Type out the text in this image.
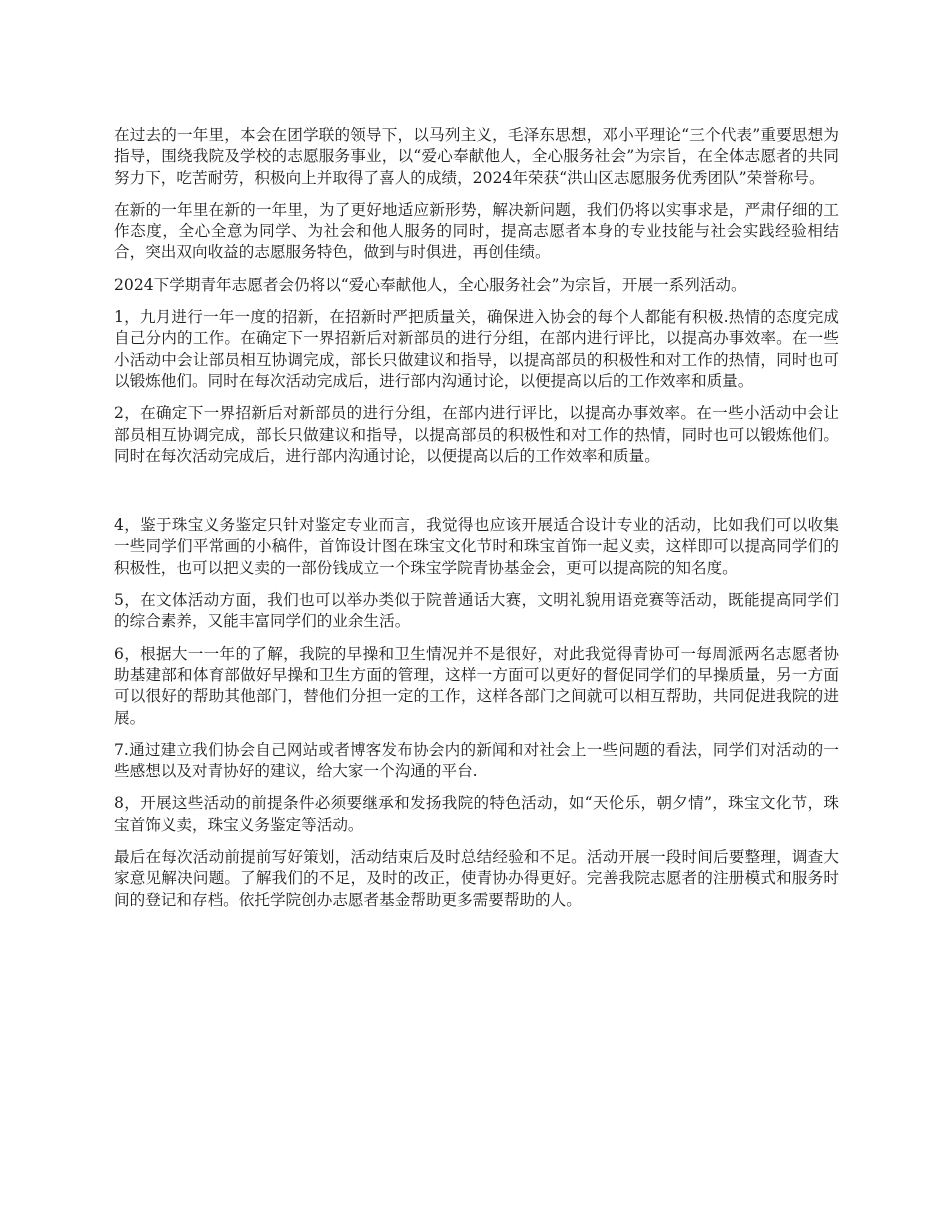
在过去的一年里，本会在团学联的领导下，以马列主义，毛泽东思想，邓小平理论“三个代表”重要思想为指导，围绕我院及学校的志愿服务事业，以“爱心奉献他人，全心服务社会”为宗旨，在全体志愿者的共同努力下，吃苦耐劳，积极向上并取得了喜人的成绩，2024年荣获“洪山区志愿服务优秀团队”荣誉称号。

在新的一年里在新的一年里，为了更好地适应新形势，解决新问题，我们仍将以实事求是，严肃仔细的工作态度，全心全意为同学、为社会和他人服务的同时，提高志愿者本身的专业技能与社会实践经验相结合，突出双向收益的志愿服务特色，做到与时俱进，再创佳绩。

2024下学期青年志愿者会仍将以“爱心奉献他人，全心服务社会”为宗旨，开展一系列活动。

1，九月进行一年一度的招新，在招新时严把质量关，确保进入协会的每个人都能有积极.热情的态度完成自己分内的工作。在确定下一界招新后对新部员的进行分组，在部内进行评比，以提高办事效率。在一些小活动中会让部员相互协调完成，部长只做建议和指导，以提高部员的积极性和对工作的热情，同时也可以锻炼他们。同时在每次活动完成后，进行部内沟通讨论，以便提高以后的工作效率和质量。

2，在确定下一界招新后对新部员的进行分组，在部内进行评比，以提高办事效率。在一些小活动中会让部员相互协调完成，部长只做建议和指导，以提高部员的积极性和对工作的热情，同时也可以锻炼他们。同时在每次活动完成后，进行部内沟通讨论，以便提高以后的工作效率和质量。

4，鉴于珠宝义务鉴定只针对鉴定专业而言，我觉得也应该开展适合设计专业的活动，比如我们可以收集一些同学们平常画的小稿件，首饰设计图在珠宝文化节时和珠宝首饰一起义卖，这样即可以提高同学们的积极性，也可以把义卖的一部份钱成立一个珠宝学院青协基金会，更可以提高院的知名度。

5，在文体活动方面，我们也可以举办类似于院普通话大赛，文明礼貌用语竞赛等活动，既能提高同学们的综合素养，又能丰富同学们的业余生活。

6，根据大一一年的了解，我院的早操和卫生情况并不是很好，对此我觉得青协可一每周派两名志愿者协助基建部和体育部做好早操和卫生方面的管理，这样一方面可以更好的督促同学们的早操质量，另一方面可以很好的帮助其他部门，替他们分担一定的工作，这样各部门之间就可以相互帮助，共同促进我院的进展。

7.通过建立我们协会自己网站或者博客发布协会内的新闻和对社会上一些问题的看法，同学们对活动的一些感想以及对青协好的建议，给大家一个沟通的平台.

8，开展这些活动的前提条件必须要继承和发扬我院的特色活动，如“天伦乐，朝夕情”，珠宝文化节，珠宝首饰义卖，珠宝义务鉴定等活动。

最后在每次活动前提前写好策划，活动结束后及时总结经验和不足。活动开展一段时间后要整理，调查大家意见解决问题。了解我们的不足，及时的改正，使青协办得更好。完善我院志愿者的注册模式和服务时间的登记和存档。依托学院创办志愿者基金帮助更多需要帮助的人。
